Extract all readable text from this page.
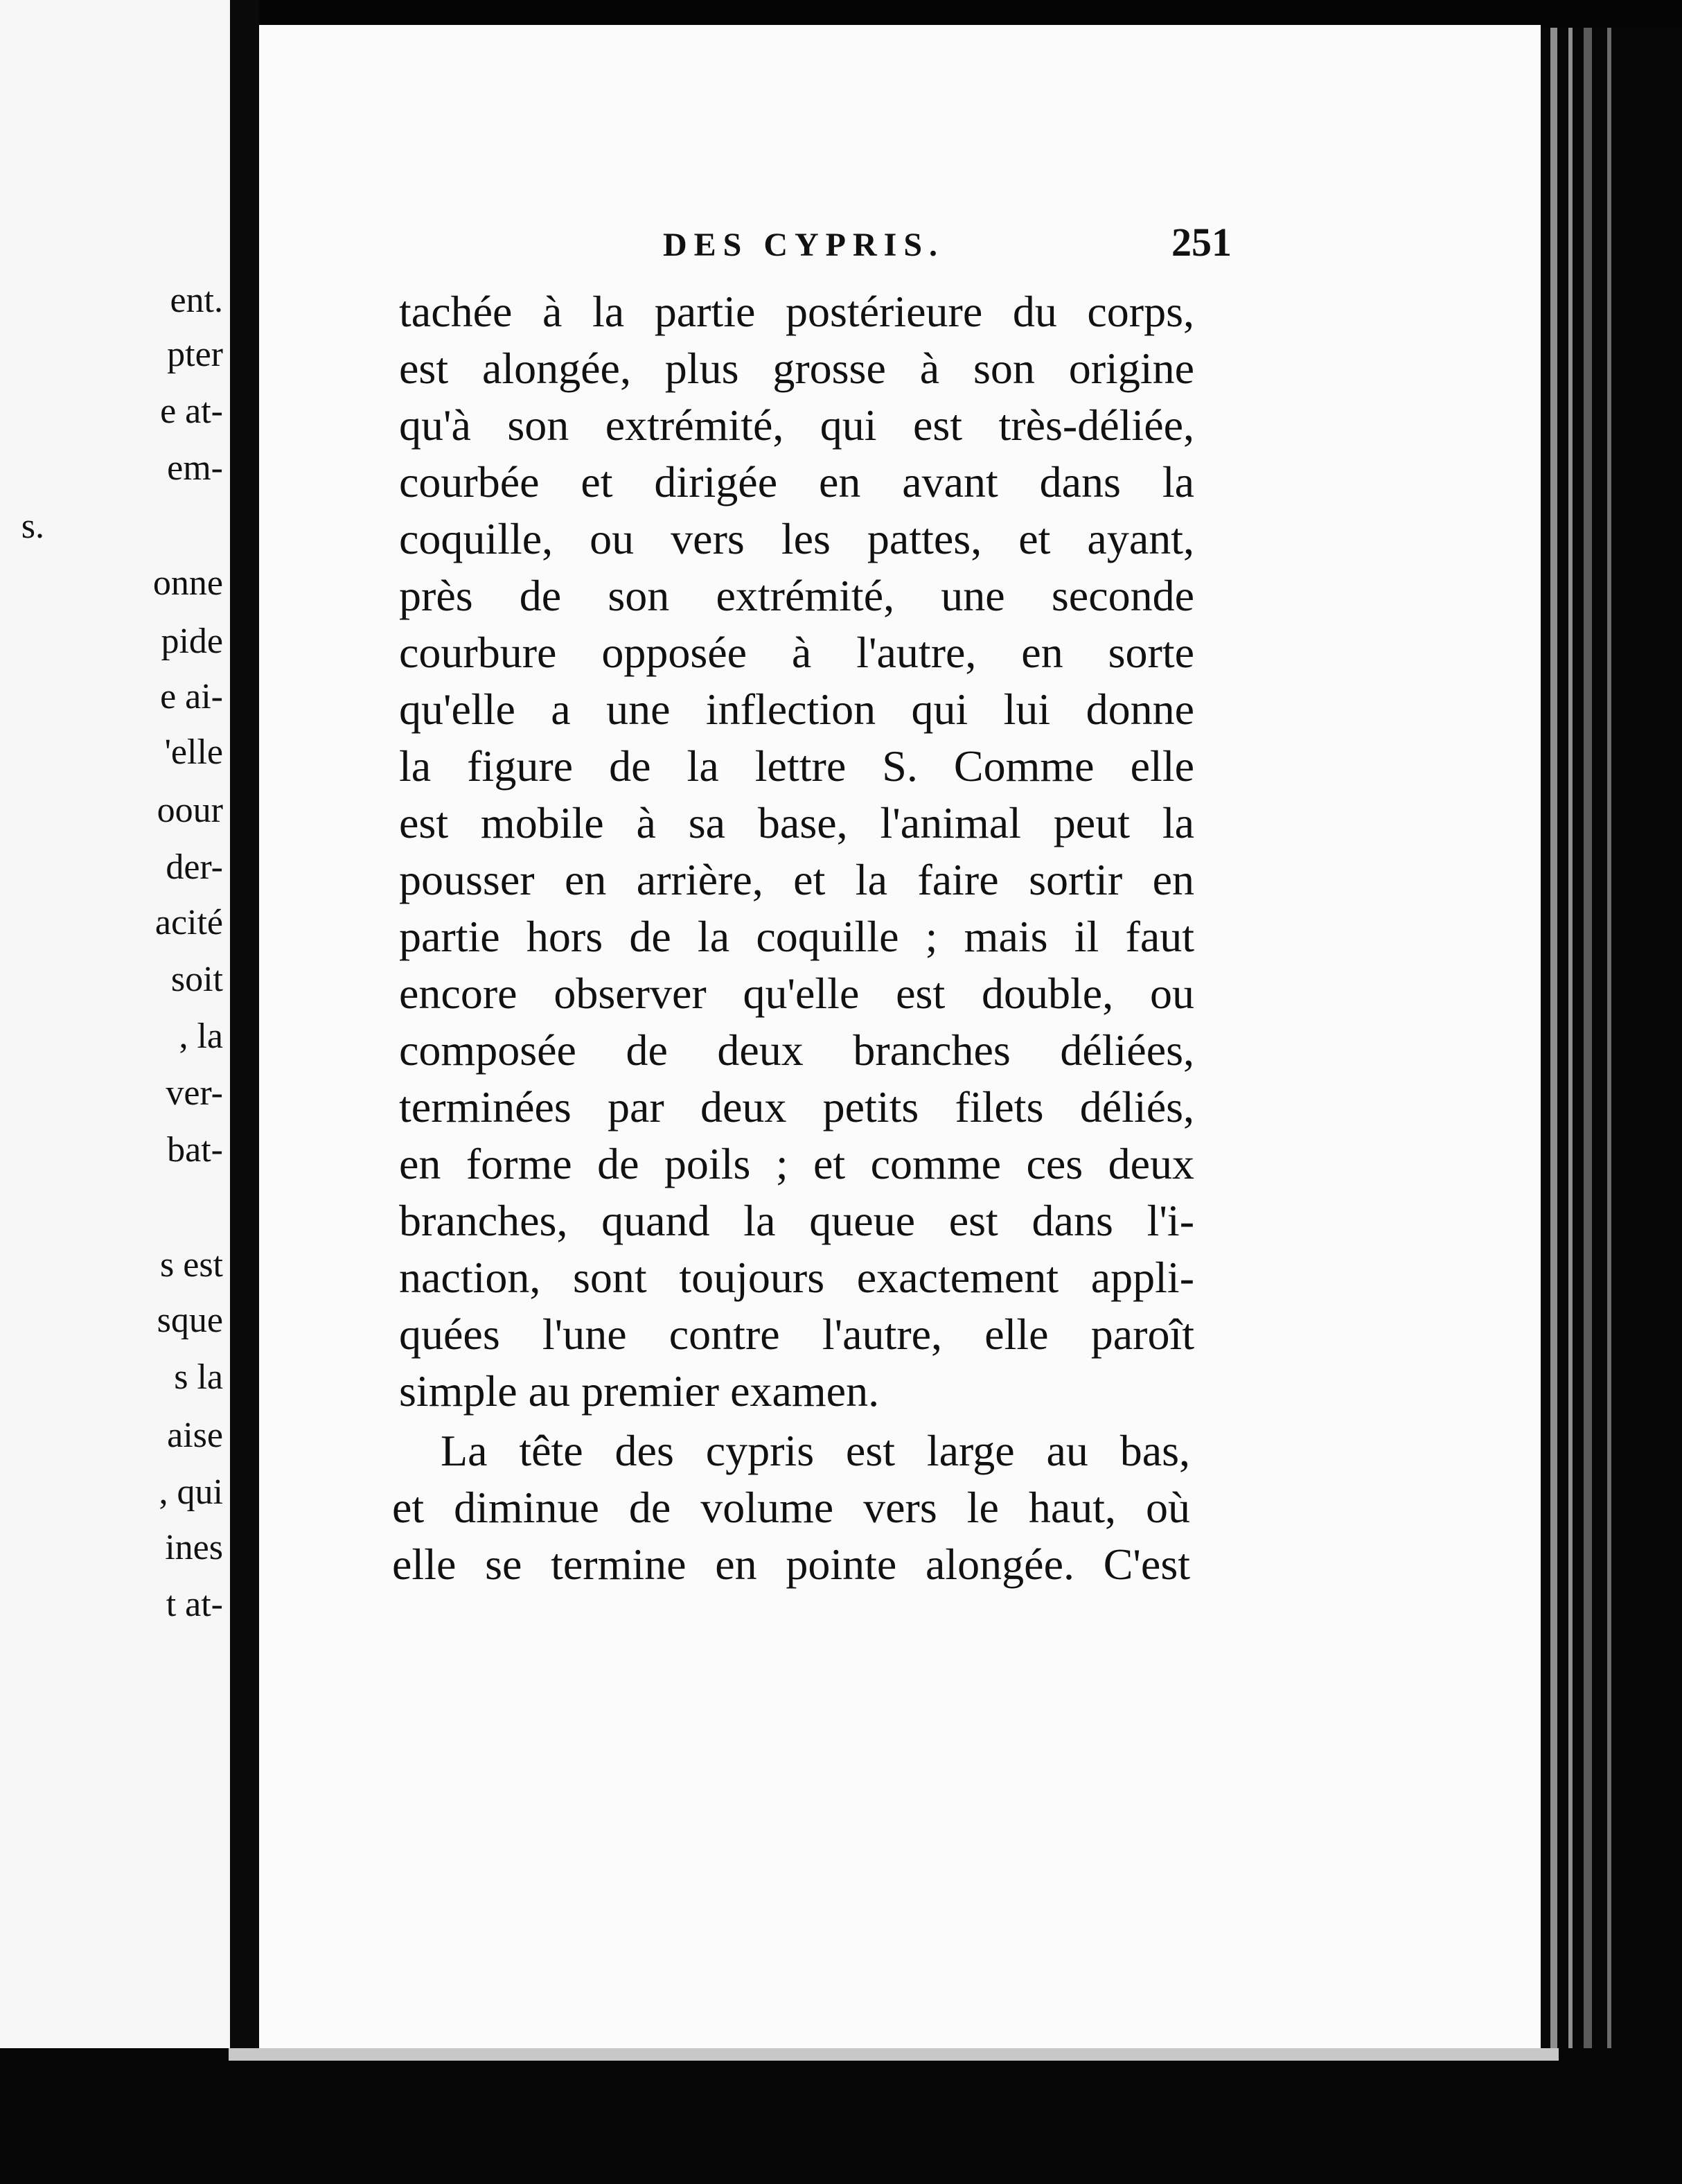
ent.
pter
e at-
em-
s.
onne
pide
e ai-
'elle
oour
der-
acité
soit
, la
ver-
bat-
s est
sque
s la
aise
, qui
ines
t at-
DES CYPRIS.	251
tachée à la partie postérieure du corps,
est alongée, plus grosse à son origine
qu'à son extrémité, qui est très-déliée,
courbée et dirigée en avant dans la
coquille, ou vers les pattes, et ayant,
près de son extrémité, une seconde
courbure opposée à l'autre, en sorte
qu'elle a une inflection qui lui donne
la figure de la lettre S. Comme elle
est mobile à sa base, l'animal peut la
pousser en arrière, et la faire sortir en
partie hors de la coquille ; mais il faut
encore observer qu'elle est double, ou
composée de deux branches déliées,
terminées par deux petits filets déliés,
en forme de poils ; et comme ces deux
branches, quand la queue est dans l'i-
naction, sont toujours exactement appli-
quées l'une contre l'autre, elle paroît
simple au premier examen.
La tête des cypris est large au bas,
et diminue de volume vers le haut, où
elle se termine en pointe alongée. C'est
